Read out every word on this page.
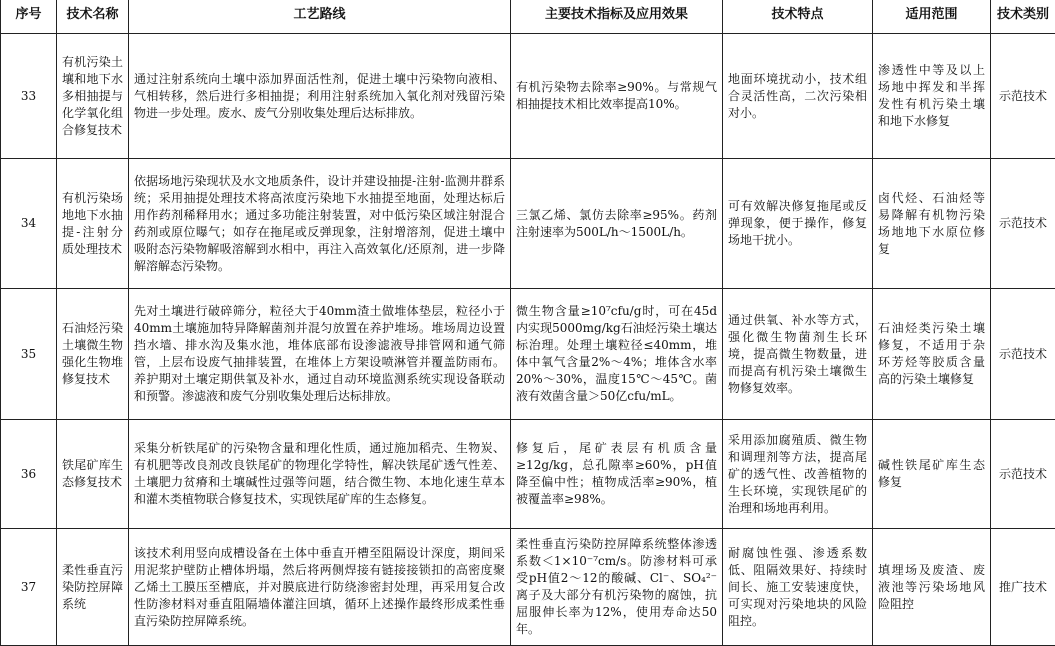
序号	技术名称	工艺路线	主要技术指标及应用效果	技术特点	适用范围	技术类别
33	有机污染土壤和地下水多相抽提与化学氧化组合修复技术	通过注射系统向土壤中添加界面活性剂，促进土壤中污染物向液相、气相转移，然后进行多相抽提；利用注射系统加入氧化剂对残留污染物进一步处理。废水、废气分别收集处理后达标排放。	有机污染物去除率≥90%。与常规气相抽提技术相比效率提高10%。	地面环境扰动小，技术组合灵活性高，二次污染相对小。	渗透性中等及以上场地中挥发和半挥发性有机污染土壤和地下水修复	示范技术
34	有机污染场地地下水抽提-注射分质处理技术	依据场地污染现状及水文地质条件，设计并建设抽提-注射-监测井群系统；采用抽提处理技术将高浓度污染地下水抽提至地面，处理达标后用作药剂稀释用水；通过多功能注射装置，对中低污染区域注射混合药剂或原位曝气；如存在拖尾或反弹现象，注射增溶剂，促进土壤中吸附态污染物解吸溶解到水相中，再注入高效氧化/还原剂，进一步降解溶解态污染物。	三氯乙烯、氯仿去除率≥95%。药剂注射速率为500L/h～1500L/h。	可有效解决修复拖尾或反弹现象，便于操作，修复场地干扰小。	卤代烃、石油烃等易降解有机物污染场地地下水原位修复	示范技术
35	石油烃污染土壤微生物强化生物堆修复技术	先对土壤进行破碎筛分，粒径大于40mm渣土做堆体垫层，粒径小于40mm土壤施加特异降解菌剂并混匀放置在养护堆场。堆场周边设置挡水墙、排水沟及集水池，堆体底部布设渗滤液导排管网和通气筛管，上层布设废气抽排装置，在堆体上方架设喷淋管并覆盖防雨布。养护期对土壤定期供氧及补水，通过自动环境监测系统实现设备联动和预警。渗滤液和废气分别收集处理后达标排放。	微生物含量≥10⁷cfu/g时，可在45d内实现5000mg/kg石油烃污染土壤达标治理。处理土壤粒径≤40mm，堆体中氧气含量2%～4%；堆体含水率20%～30%，温度15℃～45℃。菌液有效菌含量＞50亿cfu/mL。	通过供氧、补水等方式，强化微生物菌剂生长环境，提高微生物数量，进而提高有机污染土壤微生物修复效率。	石油烃类污染土壤修复，不适用于杂环芳烃等胶质含量高的污染土壤修复	示范技术
36	铁尾矿库生态修复技术	采集分析铁尾矿的污染物含量和理化性质，通过施加稻壳、生物炭、有机肥等改良剂改良铁尾矿的物理化学特性，解决铁尾矿透气性差、土壤肥力贫瘠和土壤碱性过强等问题，结合微生物、本地化速生草本和灌木类植物联合修复技术，实现铁尾矿库的生态修复。	修复后，尾矿表层有机质含量≥12g/kg，总孔隙率≥60%，pH值降至偏中性；植物成活率≥90%，植被覆盖率≥98%。	采用添加腐殖质、微生物和调理剂等方法，提高尾矿的透气性、改善植物的生长环境，实现铁尾矿的治理和场地再利用。	碱性铁尾矿库生态修复	示范技术
37	柔性垂直污染防控屏障系统	该技术利用竖向成槽设备在土体中垂直开槽至阻隔设计深度，期间采用泥浆护壁防止槽体坍塌，然后将两侧焊接有链接接锁扣的高密度聚乙烯土工膜压至槽底，并对膜底进行防绕渗密封处理，再采用复合改性防渗材料对垂直阻隔墙体灌注回填，循环上述操作最终形成柔性垂直污染防控屏障系统。	柔性垂直污染防控屏障系统整体渗透系数＜1×10⁻⁷cm/s。防渗材料可承受pH值2～12的酸碱、Cl⁻、SO₄²⁻离子及大部分有机污染物的腐蚀，抗屈服伸长率为12%，使用寿命达50年。	耐腐蚀性强、渗透系数低、阻隔效果好、持续时间长、施工安装速度快，可实现对污染地块的风险阻控。	填埋场及废渣、废液池等污染场地风险阻控	推广技术
